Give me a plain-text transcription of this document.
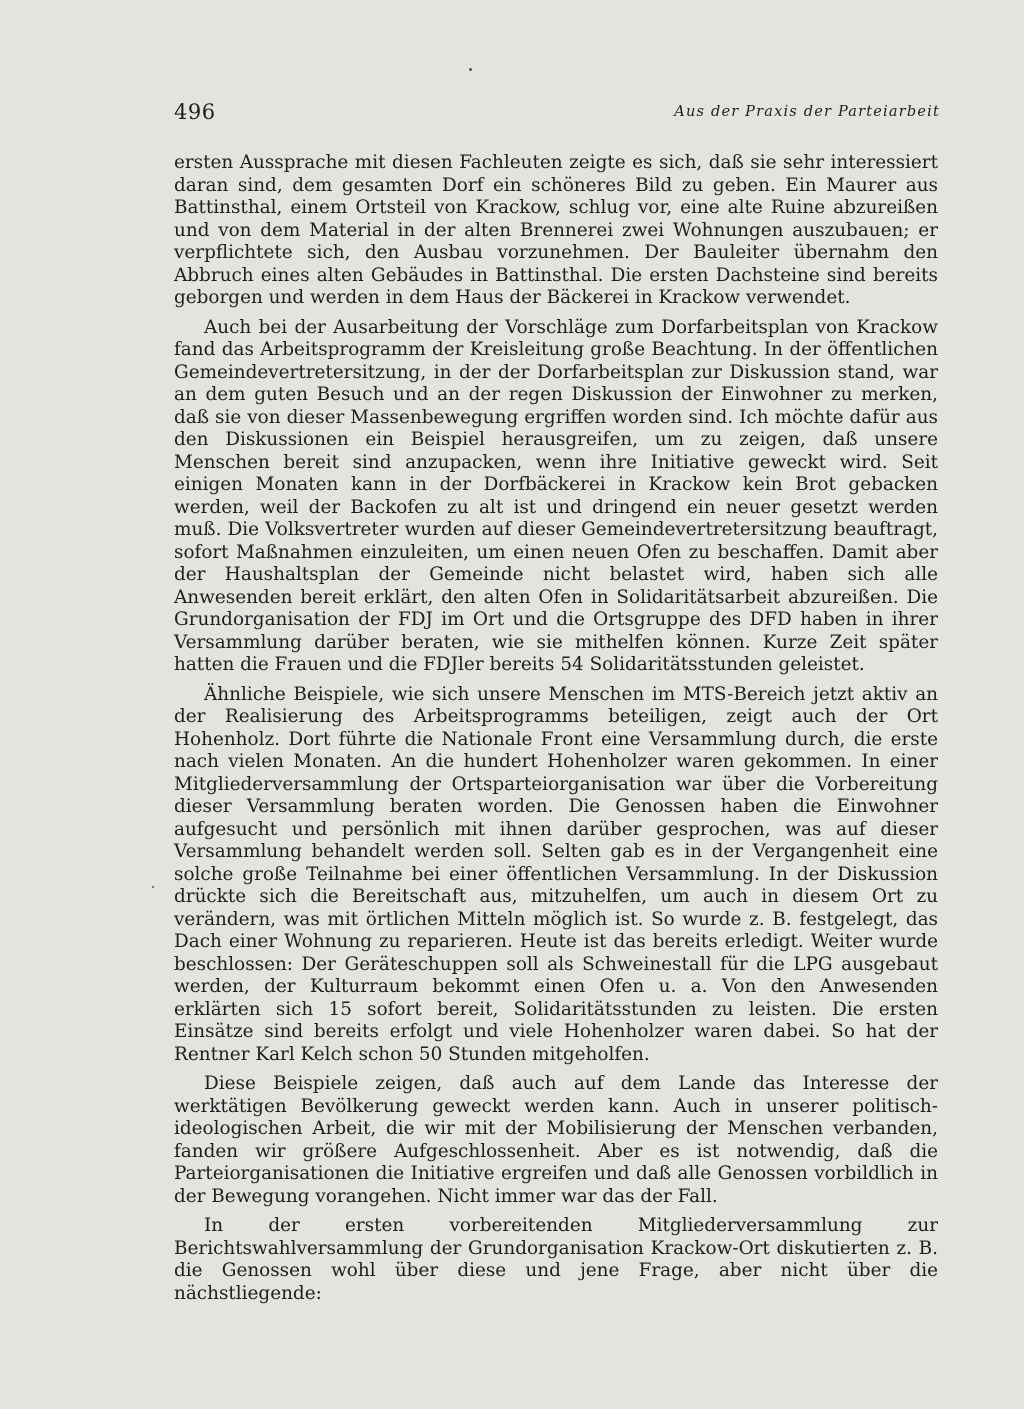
496	Aus der Praxis der Parteiarbeit

ersten Aussprache mit diesen Fachleuten zeigte es sich, daß sie sehr interessiert daran sind, dem gesamten Dorf ein schöneres Bild zu geben. Ein Maurer aus Battinsthal, einem Ortsteil von Krackow, schlug vor, eine alte Ruine abzureißen und von dem Material in der alten Brennerei zwei Wohnungen auszubauen; er verpflichtete sich, den Ausbau vorzunehmen. Der Bauleiter übernahm den Abbruch eines alten Gebäudes in Battinsthal. Die ersten Dachsteine sind bereits geborgen und werden in dem Haus der Bäckerei in Krackow verwendet.

Auch bei der Ausarbeitung der Vorschläge zum Dorfarbeitsplan von Krackow fand das Arbeitsprogramm der Kreisleitung große Beachtung. In der öffentlichen Gemeindevertretersitzung, in der der Dorfarbeitsplan zur Diskussion stand, war an dem guten Besuch und an der regen Diskussion der Einwohner zu merken, daß sie von dieser Massenbewegung ergriffen worden sind. Ich möchte dafür aus den Diskussionen ein Beispiel herausgreifen, um zu zeigen, daß unsere Menschen bereit sind anzupacken, wenn ihre Initiative geweckt wird. Seit einigen Monaten kann in der Dorfbäckerei in Krackow kein Brot gebacken werden, weil der Backofen zu alt ist und dringend ein neuer gesetzt werden muß. Die Volksvertreter wurden auf dieser Gemeindevertretersitzung beauftragt, sofort Maßnahmen einzuleiten, um einen neuen Ofen zu beschaffen. Damit aber der Haushaltsplan der Gemeinde nicht belastet wird, haben sich alle Anwesenden bereit erklärt, den alten Ofen in Solidaritätsarbeit abzureißen. Die Grundorganisation der FDJ im Ort und die Ortsgruppe des DFD haben in ihrer Versammlung darüber beraten, wie sie mithelfen können. Kurze Zeit später hatten die Frauen und die FDJler bereits 54 Solidaritätsstunden geleistet.

Ähnliche Beispiele, wie sich unsere Menschen im MTS-Bereich jetzt aktiv an der Realisierung des Arbeitsprogramms beteiligen, zeigt auch der Ort Hohenholz. Dort führte die Nationale Front eine Versammlung durch, die erste nach vielen Monaten. An die hundert Hohenholzer waren gekommen. In einer Mitgliederversammlung der Ortsparteiorganisation war über die Vorbereitung dieser Versammlung beraten worden. Die Genossen haben die Einwohner aufgesucht und persönlich mit ihnen darüber gesprochen, was auf dieser Versammlung behandelt werden soll. Selten gab es in der Vergangenheit eine solche große Teilnahme bei einer öffentlichen Versammlung. In der Diskussion drückte sich die Bereitschaft aus, mitzuhelfen, um auch in diesem Ort zu verändern, was mit örtlichen Mitteln möglich ist. So wurde z. B. festgelegt, das Dach einer Wohnung zu reparieren. Heute ist das bereits erledigt. Weiter wurde beschlossen: Der Geräteschuppen soll als Schweinestall für die LPG ausgebaut werden, der Kulturraum bekommt einen Ofen u. a. Von den Anwesenden erklärten sich 15 sofort bereit, Solidaritätsstunden zu leisten. Die ersten Einsätze sind bereits erfolgt und viele Hohenholzer waren dabei. So hat der Rentner Karl Kelch schon 50 Stunden mitgeholfen.

Diese Beispiele zeigen, daß auch auf dem Lande das Interesse der werktätigen Bevölkerung geweckt werden kann. Auch in unserer politisch-ideologischen Arbeit, die wir mit der Mobilisierung der Menschen verbanden, fanden wir größere Aufgeschlossenheit. Aber es ist notwendig, daß die Parteiorganisationen die Initiative ergreifen und daß alle Genossen vorbildlich in der Bewegung vorangehen. Nicht immer war das der Fall.

In der ersten vorbereitenden Mitgliederversammlung zur Berichtswahlversammlung der Grundorganisation Krackow-Ort diskutierten z. B. die Genossen wohl über diese und jene Frage, aber nicht über die nächstliegende:
